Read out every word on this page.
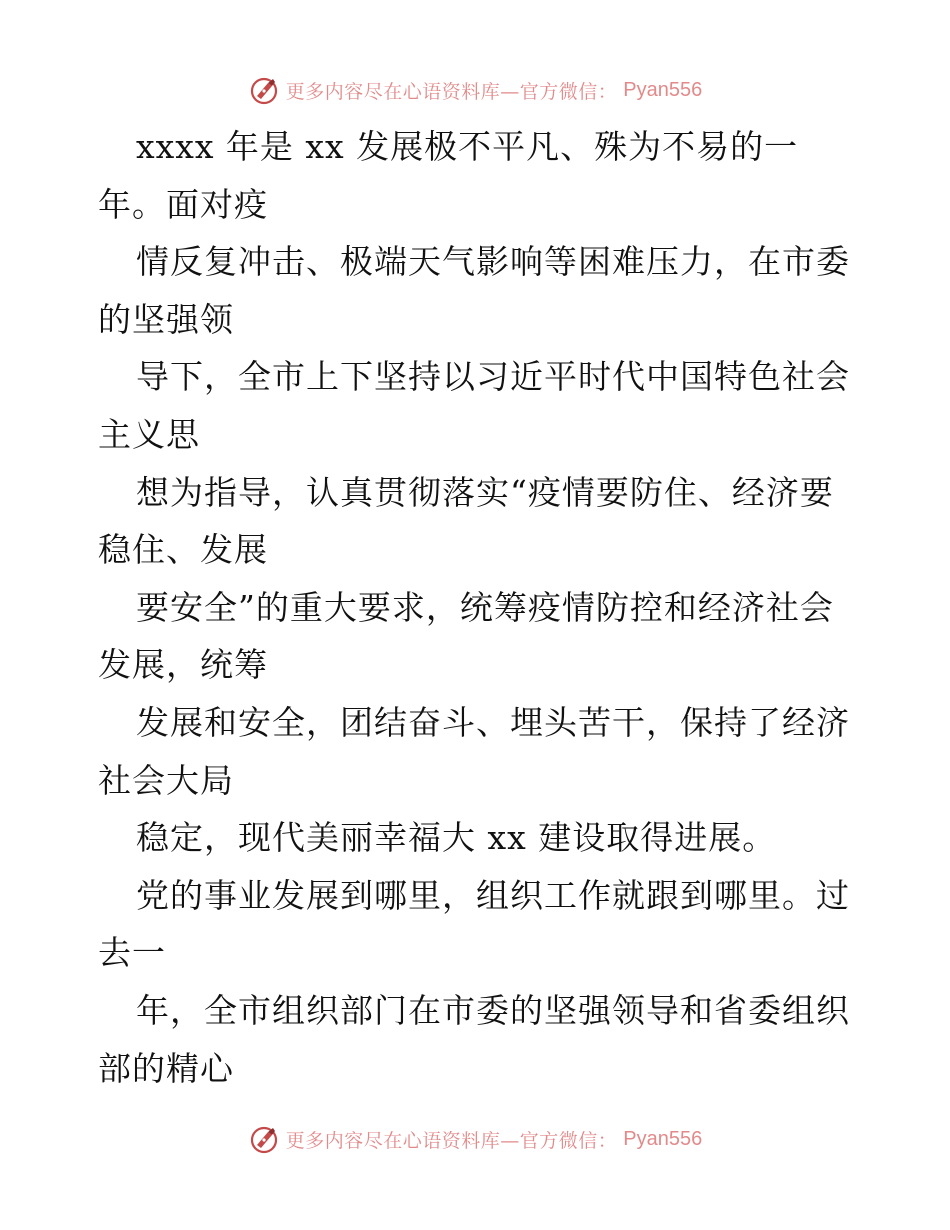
更多内容尽在心语资料库—官方微信： Pyan556
xxxx 年是 xx 发展极不平凡、殊为不易的一
年。面对疫
情反复冲击、极端天气影响等困难压力，在市委
的坚强领
导下，全市上下坚持以习近平时代中国特色社会
主义思
想为指导，认真贯彻落实“疫情要防住、经济要
稳住、发展
要安全”的重大要求，统筹疫情防控和经济社会
发展，统筹
发展和安全，团结奋斗、埋头苦干，保持了经济
社会大局
稳定，现代美丽幸福大 xx 建设取得进展。
党的事业发展到哪里，组织工作就跟到哪里。过
去一
年，全市组织部门在市委的坚强领导和省委组织
部的精心
更多内容尽在心语资料库—官方微信： Pyan556
